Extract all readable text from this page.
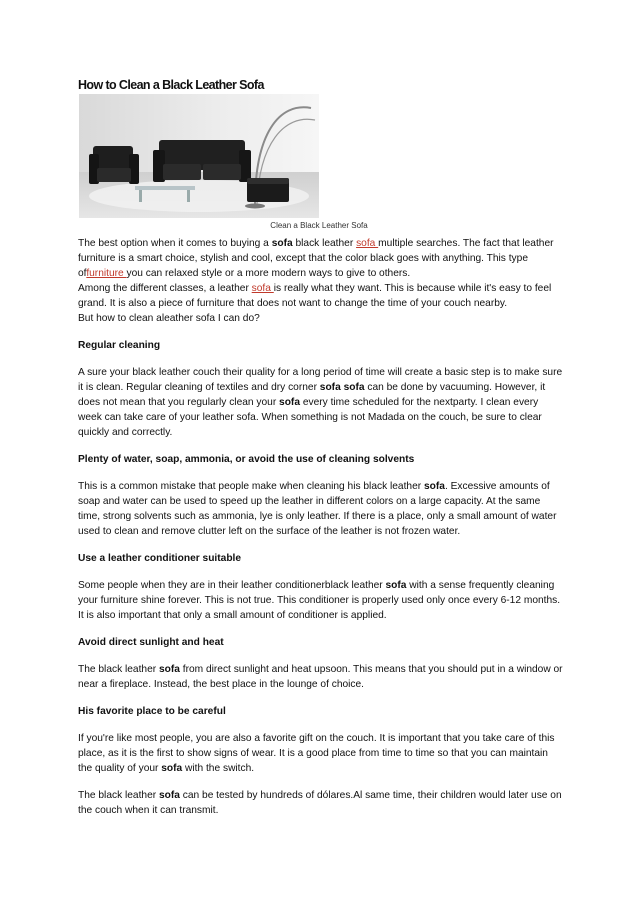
How to Clean a Black Leather Sofa
Clean a Black Leather Sofa

The best option when it comes to buying a sofa black leather sofa multiple searches. The fact that leather furniture is a smart choice, stylish and cool, except that the color black goes with anything. This type offurniture you can relaxed style or a more modern ways to give to others.

Among the different classes, a leather sofa is really what they want. This is because while it's easy to feel grand. It is also a piece of furniture that does not want to change the time of your couch nearby.

But how to clean aleather sofa I can do?

Regular cleaning

A sure your black leather couch their quality for a long period of time will create a basic step is to make sure it is clean. Regular cleaning of textiles and dry corner sofa sofa can be done by vacuuming. However, it does not mean that you regularly clean your sofa every time scheduled for the nextparty. I clean every week can take care of your leather sofa. When something is not Madada on the couch, be sure to clear quickly and correctly.

Plenty of water, soap, ammonia, or avoid the use of cleaning solvents

This is a common mistake that people make when cleaning his black leather sofa. Excessive amounts of soap and water can be used to speed up the leather in different colors on a large capacity. At the same time, strong solvents such as ammonia, lye is only leather. If there is a place, only a small amount of water used to clean and remove clutter left on the surface of the leather is not frozen water.

Use a leather conditioner suitable

Some people when they are in their leather conditionerblack leather sofa with a sense frequently cleaning your furniture shine forever. This is not true. This conditioner is properly used only once every 6-12 months. It is also important that only a small amount of conditioner is applied.

Avoid direct sunlight and heat

The black leather sofa from direct sunlight and heat upsoon. This means that you should put in a window or near a fireplace. Instead, the best place in the lounge of choice.

His favorite place to be careful

If you're like most people, you are also a favorite gift on the couch. It is important that you take care of this place, as it is the first to show signs of wear. It is a good place from time to time so that you can maintain the quality of your sofa with the switch.

The black leather sofa can be tested by hundreds of dólares.Al same time, their children would later use on the couch when it can transmit.
